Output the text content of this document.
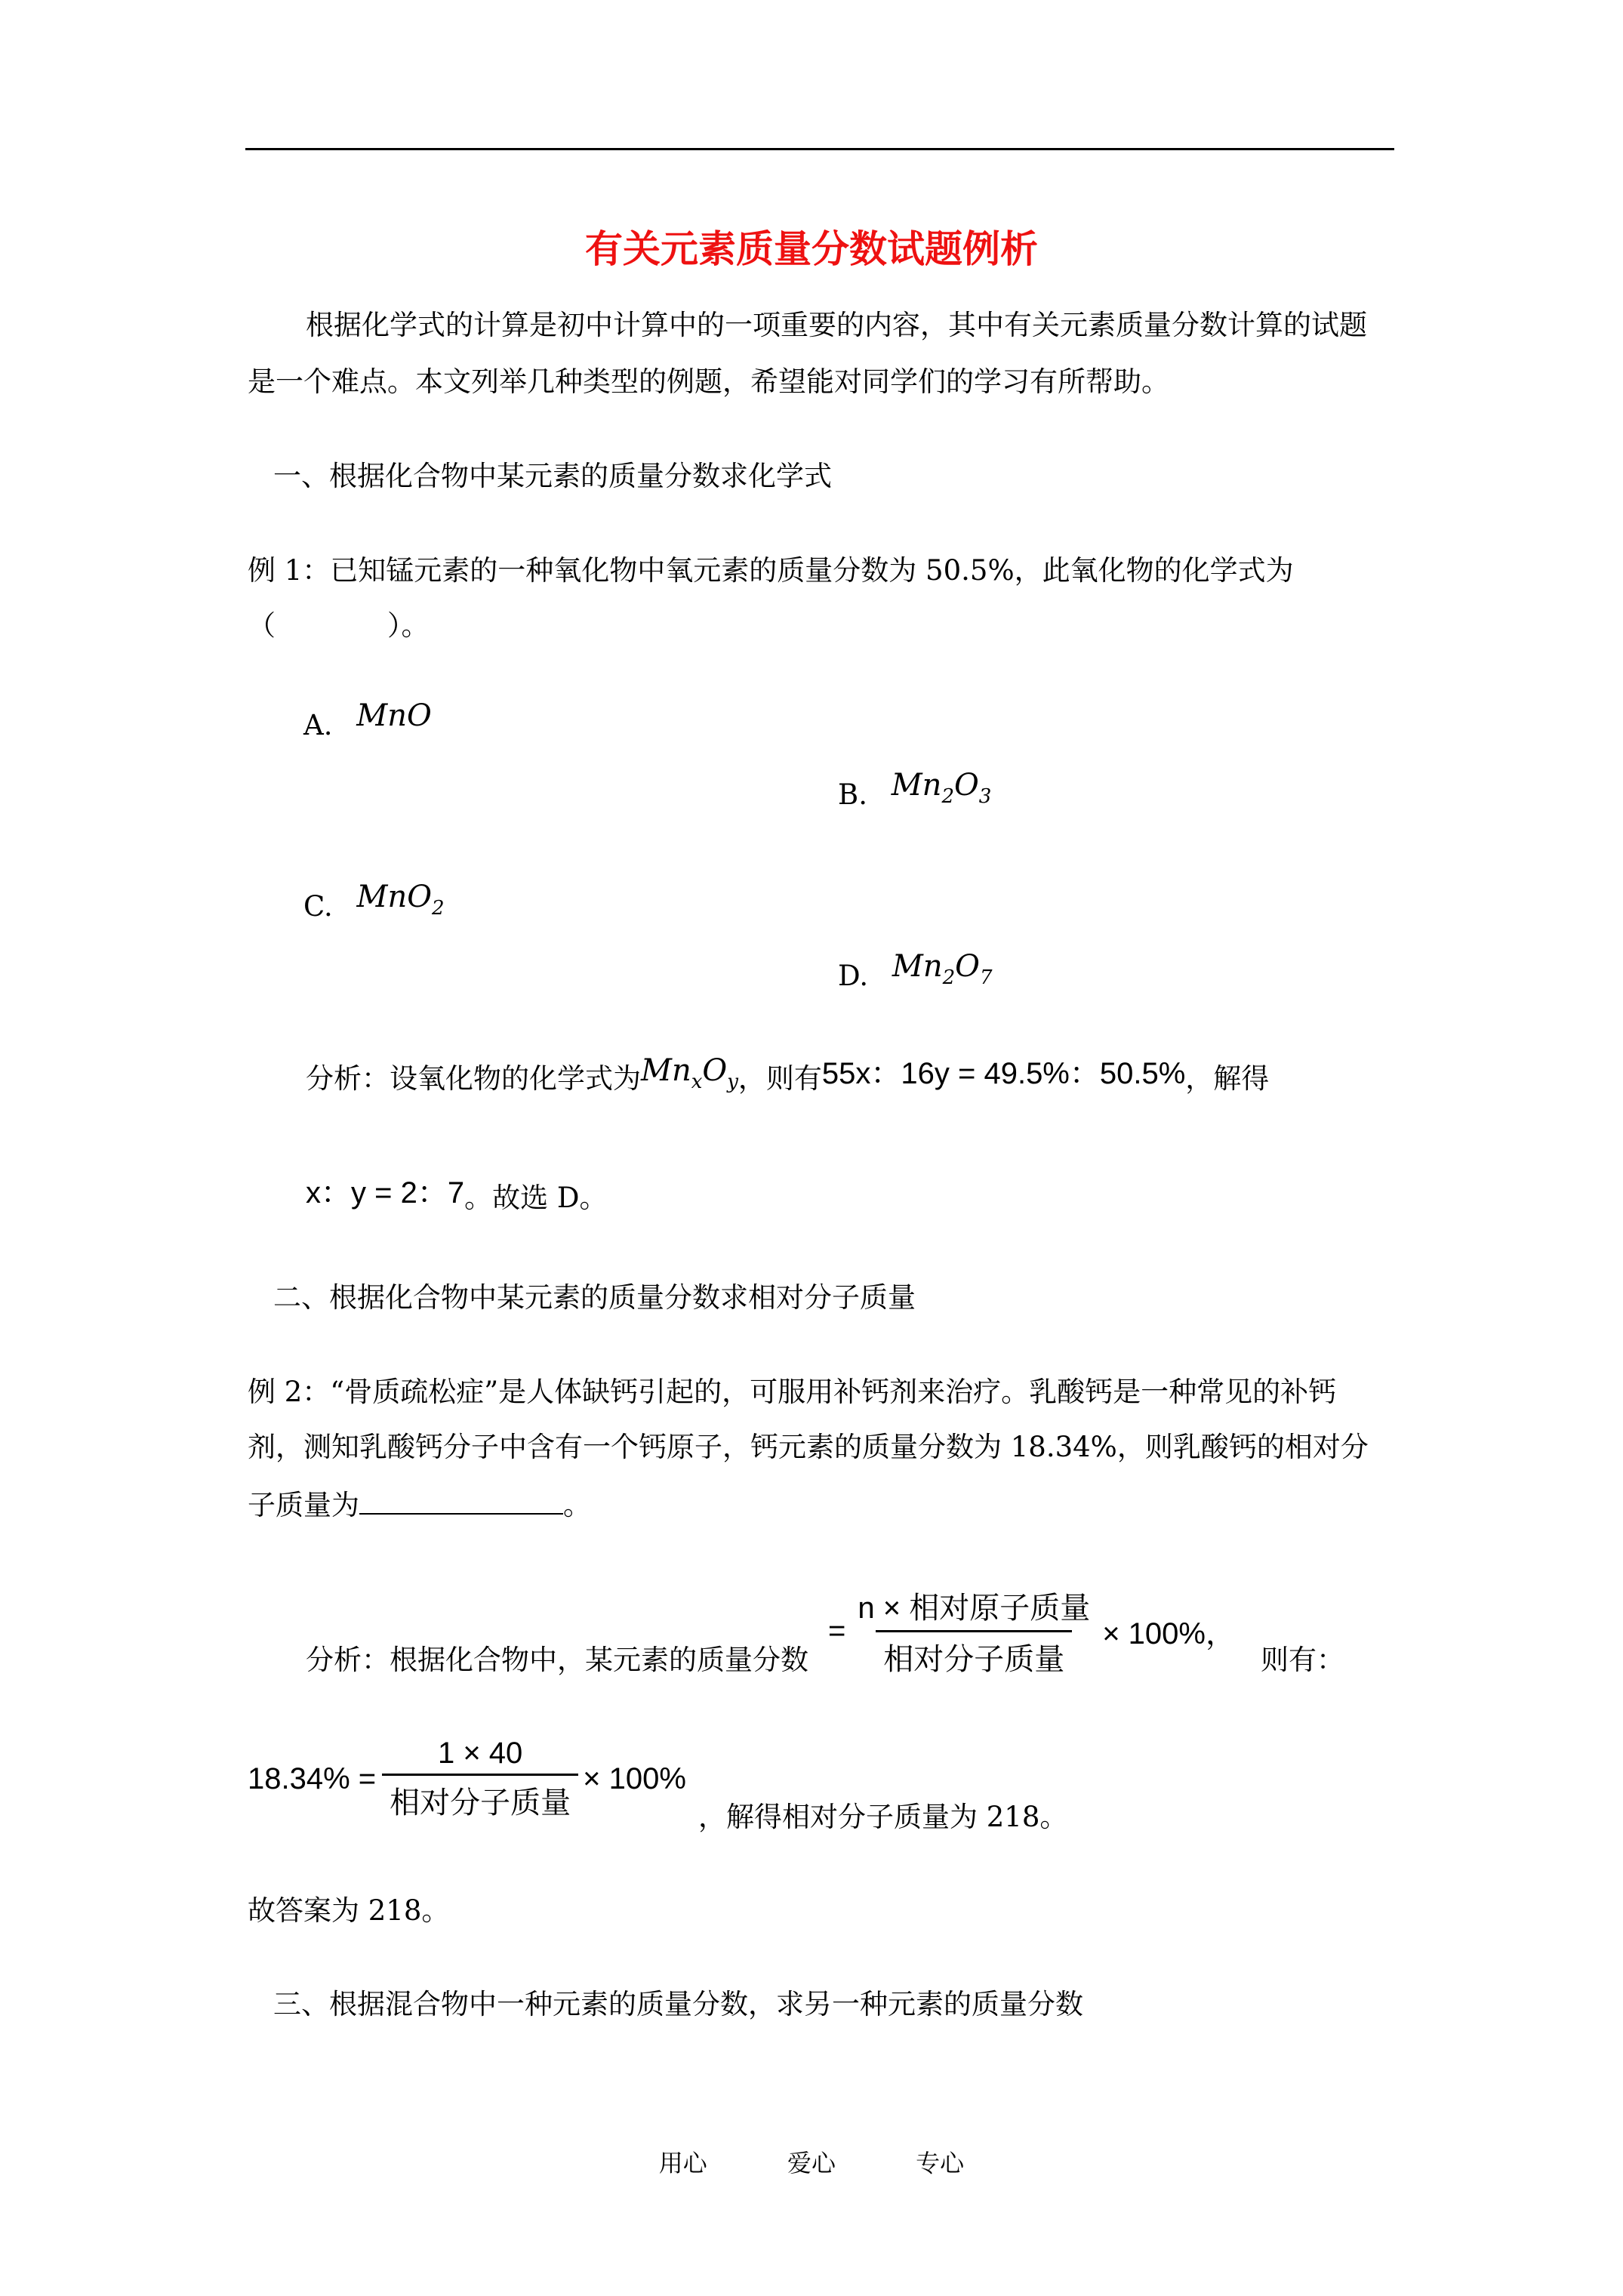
有关元素质量分数试题例析
根据化学式的计算是初中计算中的一项重要的内容，其中有关元素质量分数计算的试题
是一个难点。本文列举几种类型的例题，希望能对同学们的学习有所帮助。
一、根据化合物中某元素的质量分数求化学式
例 1：已知锰元素的一种氧化物中氧元素的质量分数为 50.5%，此氧化物的化学式为
（　　　　）。
A. MnO
B. $Mn_2O_3$
C. MnO$_2$
D. $Mn_2O_7$
分析：设氧化物的化学式为$Mn_xO_y$，则有55x：16y = 49.5%：50.5%，解得
x：y = 2：7。故选 D。
二、根据化合物中某元素的质量分数求相对分子质量
例 2：“骨质疏松症”是人体缺钙引起的，可服用补钙剂来治疗。乳酸钙是一种常见的补钙
剂，测知乳酸钙分子中含有一个钙原子，钙元素的质量分数为 18.34%，则乳酸钙的相对分
子质量为	。
分析：根据化合物中，某元素的质量分数
= $\frac{\text{n × 相对原子质量}}{\text{相对分子质量}} \times 100\%$，
则有：
$18.34\% = \frac{1 \times 40}{\text{相对分子质量}} \times 100\%$
，解得相对分子质量为 218。
故答案为 218。
三、根据混合物中一种元素的质量分数，求另一种元素的质量分数
用心	爱心	专心
